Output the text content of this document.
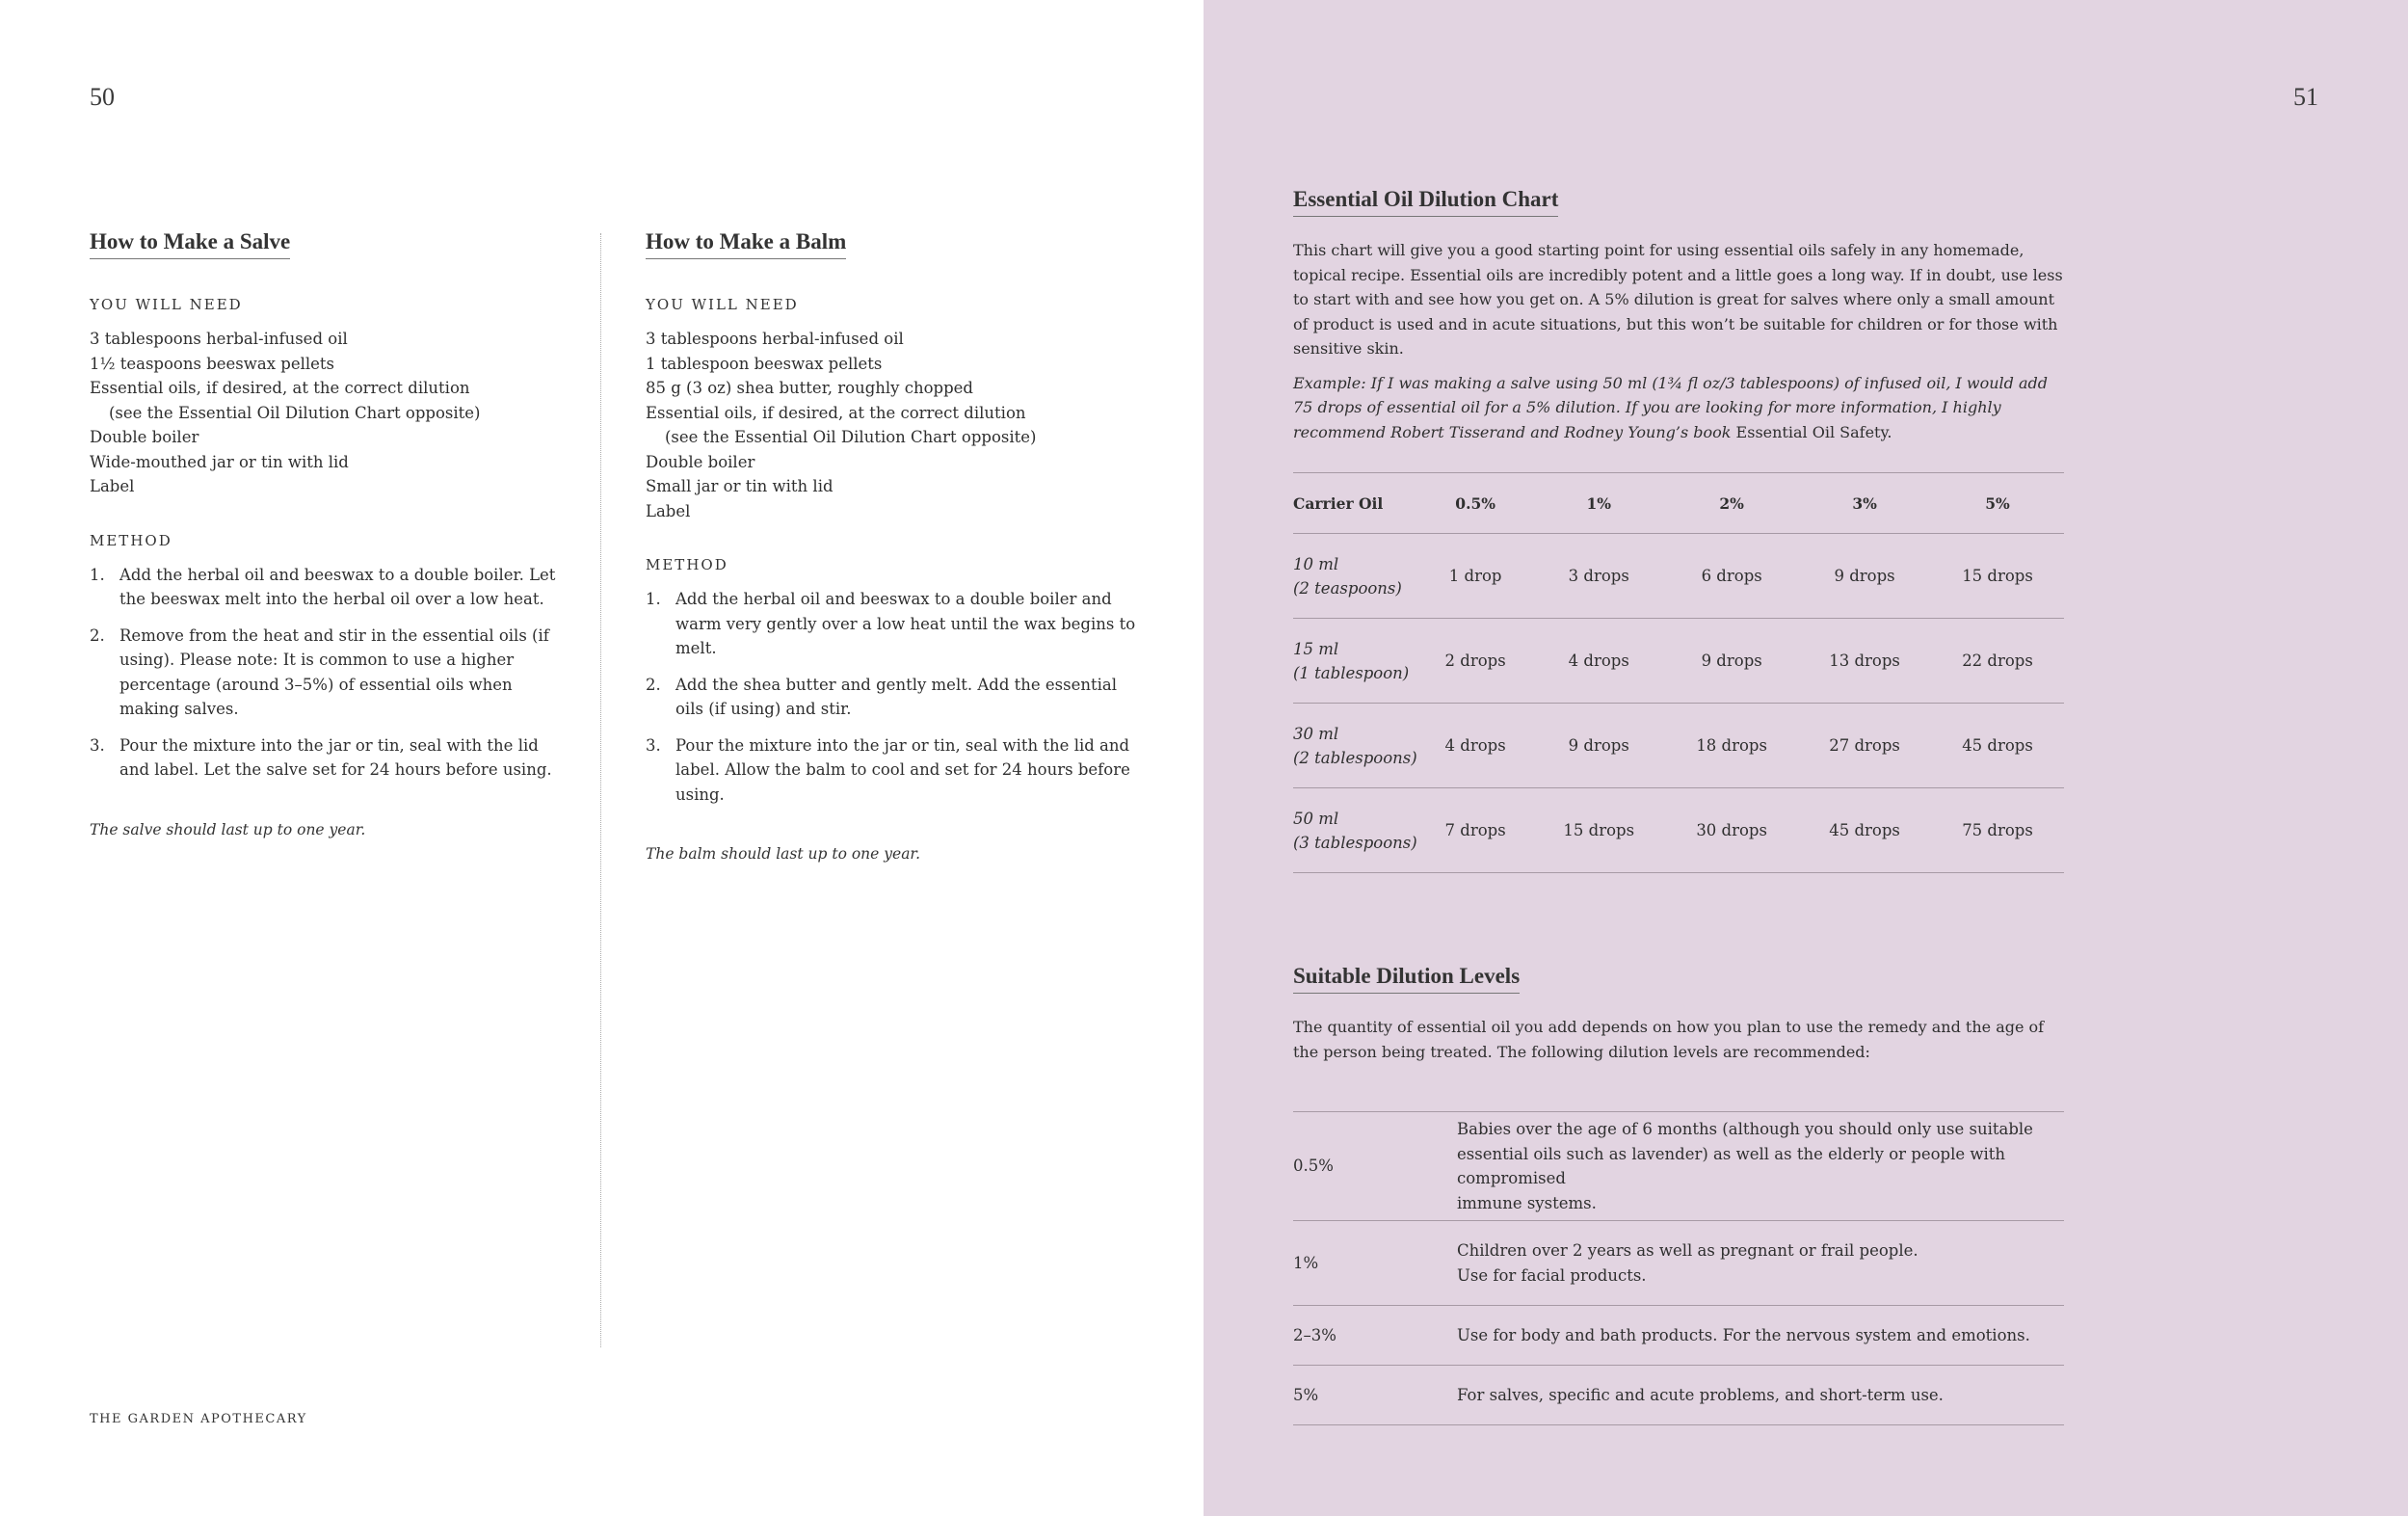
50
How to Make a Salve

YOU WILL NEED

3 tablespoons herbal-infused oil
1½ teaspoons beeswax pellets
Essential oils, if desired, at the correct dilution
(see the Essential Oil Dilution Chart opposite)
Double boiler
Wide-mouthed jar or tin with lid
Label

METHOD

1. Add the herbal oil and beeswax to a double boiler. Let the beeswax melt into the herbal oil over a low heat.
2. Remove from the heat and stir in the essential oils (if using). Please note: It is common to use a higher percentage (around 3–5%) of essential oils when making salves.
3. Pour the mixture into the jar or tin, seal with the lid and label. Let the salve set for 24 hours before using.

The salve should last up to one year.

How to Make a Balm

YOU WILL NEED

3 tablespoons herbal-infused oil
1 tablespoon beeswax pellets
85 g (3 oz) shea butter, roughly chopped
Essential oils, if desired, at the correct dilution
(see the Essential Oil Dilution Chart opposite)
Double boiler
Small jar or tin with lid
Label

METHOD

1. Add the herbal oil and beeswax to a double boiler and warm very gently over a low heat until the wax begins to melt.
2. Add the shea butter and gently melt. Add the essential oils (if using) and stir.
3. Pour the mixture into the jar or tin, seal with the lid and label. Allow the balm to cool and set for 24 hours before using.

The balm should last up to one year.

THE GARDEN APOTHECARY
51
Essential Oil Dilution Chart

This chart will give you a good starting point for using essential oils safely in any homemade, topical recipe. Essential oils are incredibly potent and a little goes a long way. If in doubt, use less to start with and see how you get on. A 5% dilution is great for salves where only a small amount of product is used and in acute situations, but this won’t be suitable for children or for those with sensitive skin.

Example: If I was making a salve using 50 ml (1¾ fl oz/3 tablespoons) of infused oil, I would add 75 drops of essential oil for a 5% dilution. If you are looking for more information, I highly recommend Robert Tisserand and Rodney Young’s book Essential Oil Safety.

Carrier Oil	0.5%	1%	2%	3%	5%

10 ml
(2 teaspoons)	1 drop	3 drops	6 drops	9 drops	15 drops

15 ml
(1 tablespoon)	2 drops	4 drops	9 drops	13 drops	22 drops

30 ml
(2 tablespoons)	4 drops	9 drops	18 drops	27 drops	45 drops

50 ml
(3 tablespoons)	7 drops	15 drops	30 drops	45 drops	75 drops
Suitable Dilution Levels

The quantity of essential oil you add depends on how you plan to use the remedy and the age of the person being treated. The following dilution levels are recommended:

0.5%	Babies over the age of 6 months (although you should only use suitable
essential oils such as lavender) as well as the elderly or people with compromised
immune systems.

1%	Children over 2 years as well as pregnant or frail people.
Use for facial products.

2–3%	Use for body and bath products. For the nervous system and emotions.

5%	For salves, specific and acute problems, and short-term use.
